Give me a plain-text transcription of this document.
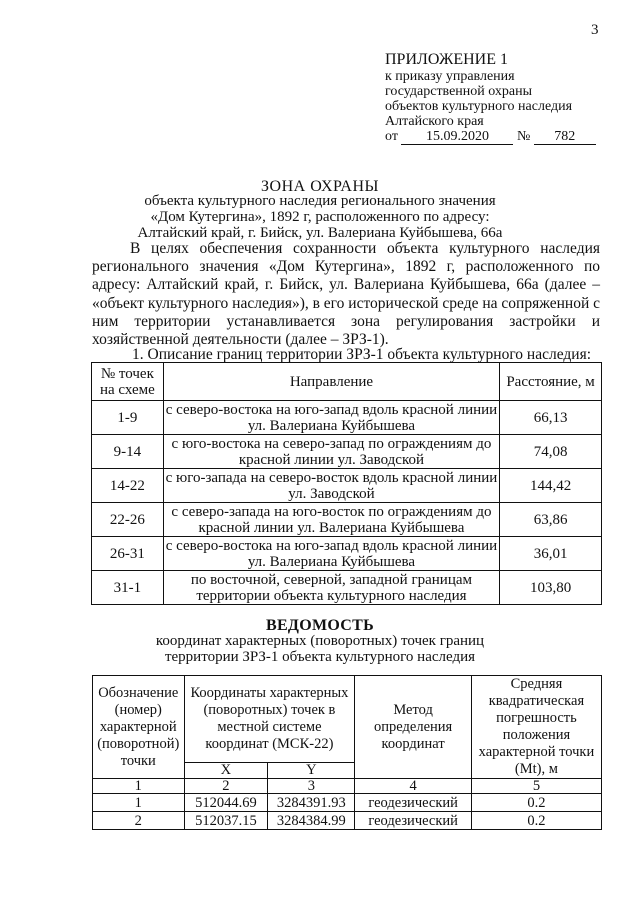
3
ПРИЛОЖЕНИЕ 1
к приказу управления
государственной охраны
объектов культурного наследия
Алтайского края
от 15.09.2020 № 782
ЗОНА ОХРАНЫ
объекта культурного наследия регионального значения
«Дом Кутергина», 1892 г, расположенного по адресу:
Алтайский край, г. Бийск, ул. Валериана Куйбышева, 66а
В целях обеспечения сохранности объекта культурного наследия регионального значения «Дом Кутергина», 1892 г, расположенного по адресу: Алтайский край, г. Бийск, ул. Валериана Куйбышева, 66а (далее – «объект культурного наследия»), в его исторической среде на сопряженной с ним территории устанавливается зона регулирования застройки и хозяйственной деятельности (далее – ЗРЗ-1).
1. Описание границ территории ЗРЗ-1 объекта культурного наследия:
№ точек на схеме	Направление	Расстояние, м
1-9	с северо-востока на юго-запад вдоль красной линии ул. Валериана Куйбышева	66,13
9-14	с юго-востока на северо-запад по ограждениям до красной линии ул. Заводской	74,08
14-22	с юго-запада на северо-восток вдоль красной линии ул. Заводской	144,42
22-26	с северо-запада на юго-восток по ограждениям до красной линии ул. Валериана Куйбышева	63,86
26-31	с северо-востока на юго-запад вдоль красной линии ул. Валериана Куйбышева	36,01
31-1	по восточной, северной, западной границам территории объекта культурного наследия	103,80
ВЕДОМОСТЬ
координат характерных (поворотных) точек границ
территории ЗРЗ-1 объекта культурного наследия
Обозначение (номер) характерной (поворотной) точки	Координаты характерных (поворотных) точек в местной системе координат (МСК-22)		Метод определения координат	Средняя квадратическая погрешность положения характерной точки (Mt), м
	X	Y		
1	2	3	4	5
1	512044.69	3284391.93	геодезический	0.2
2	512037.15	3284384.99	геодезический	0.2
